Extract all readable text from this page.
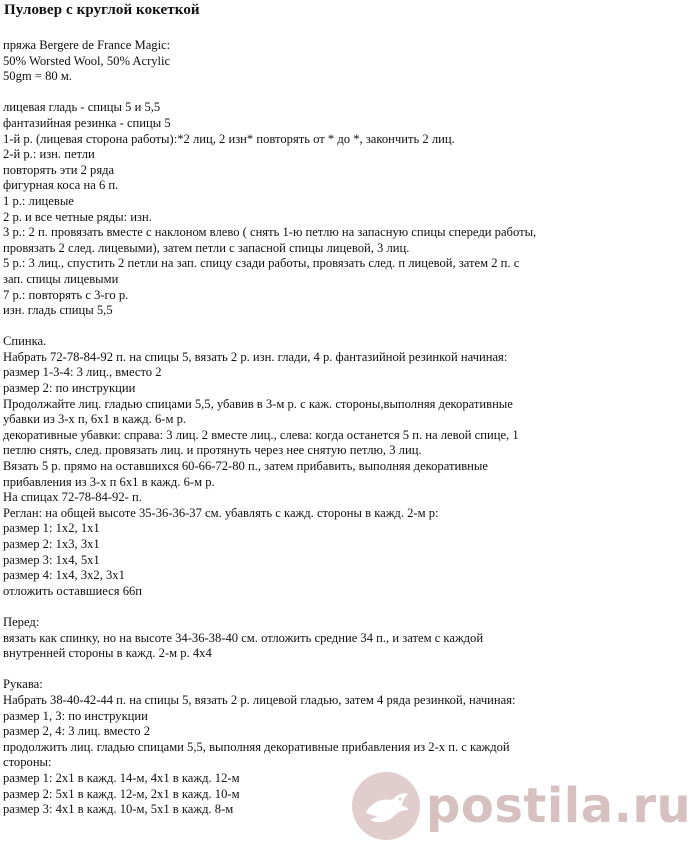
Пуловер с круглой кокеткой
пряжа Bergere de France Magic:
50% Worsted Wool, 50% Acrylic
50gm = 80 м.
лицевая гладь - спицы 5 и 5,5
фантазийная резинка - спицы 5
1-й р. (лицевая сторона работы):*2 лиц, 2 изн* повторять от * до *, закончить 2 лиц.
2-й р.: изн. петли
повторять эти 2 ряда
фигурная коса на 6 п.
1 р.: лицевые
2 р. и все четные ряды: изн.
3 р.: 2 п. провязать вместе с наклоном влево ( снять 1-ю петлю на запасную спицы спереди работы,
провязать 2 след. лицевыми), затем петли с запасной спицы лицевой, 3 лиц.
5 р.: 3 лиц., спустить 2 петли на зап. спицу сзади работы, провязать след. п лицевой, затем 2 п. с
зап. спицы лицевыми
7 р.: повторять с 3-го р.
изн. гладь спицы 5,5
Спинка.
Набрать 72-78-84-92 п. на спицы 5, вязать 2 р. изн. глади, 4 р. фантазийной резинкой начиная:
размер 1-3-4: 3 лиц., вместо 2
размер 2: по инструкции
Продолжайте лиц. гладью спицами 5,5, убавив в 3-м р. с каж. стороны,выполняя декоративные
убавки из 3-х п, 6х1 в кажд. 6-м р.
декоративные убавки: справа: 3 лиц. 2 вместе лиц., слева: когда останется 5 п. на левой спице, 1
петлю снять, след. провязать лиц. и протянуть через нее снятую петлю, 3 лиц.
Вязать 5 р. прямо на оставшихся 60-66-72-80 п., затем прибавить, выполняя декоративные
прибавления из 3-х п 6х1 в кажд. 6-м р.
На спицах 72-78-84-92- п.
Реглан: на общей высоте 35-36-36-37 см. убавлять с кажд. стороны в кажд. 2-м р:
размер 1: 1х2, 1х1
размер 2: 1х3, 3х1
размер 3: 1х4, 5х1
размер 4: 1х4, 3х2, 3х1
отложить оставшиеся 66п
Перед:
вязать как спинку, но на высоте 34-36-38-40 см. отложить средние 34 п., и затем с каждой
внутренней стороны в кажд. 2-м р. 4х4
Рукава:
Набрать 38-40-42-44 п. на спицы 5, вязать 2 р. лицевой гладью, затем 4 ряда резинкой, начиная:
размер 1, 3: по инструкции
размер 2, 4: 3 лиц. вместо 2
продолжить лиц. гладью спицами 5,5, выполняя декоративные прибавления из 2-х п. с каждой
стороны:
размер 1: 2х1 в кажд. 14-м, 4х1 в кажд. 12-м
размер 2: 5х1 в кажд. 12-м, 2х1 в кажд. 10-м
размер 3: 4х1 в кажд. 10-м, 5х1 в кажд. 8-м	postila.ru
